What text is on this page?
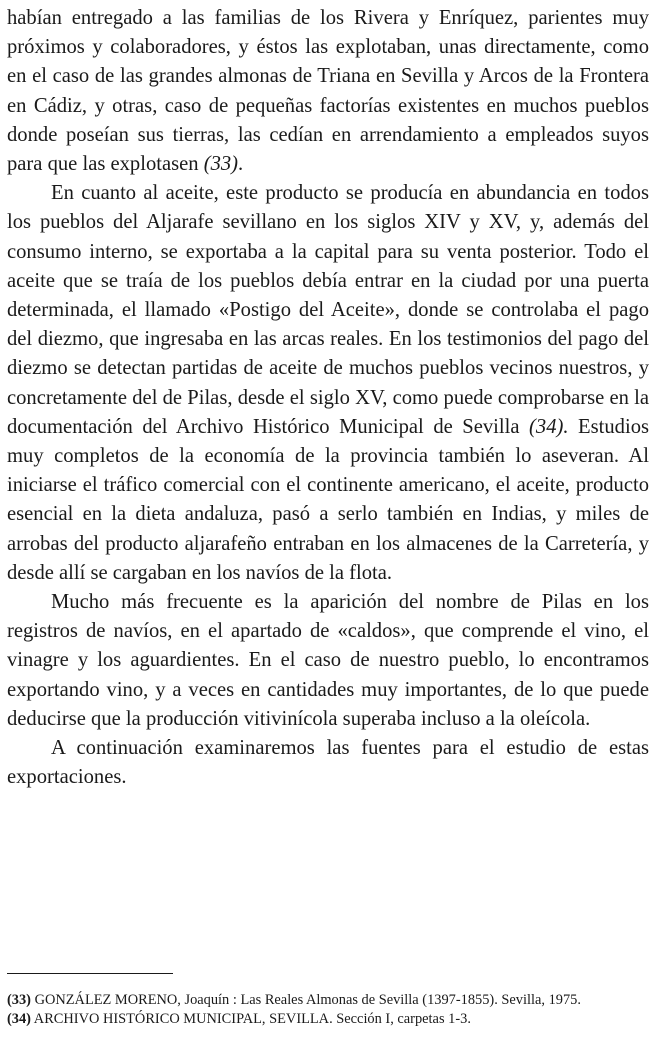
habían entregado a las familias de los Rivera y Enríquez, parientes muy próximos y colaboradores, y éstos las explotaban, unas directamente, como en el caso de las grandes almonas de Triana en Sevilla y Arcos de la Frontera en Cádiz, y otras, caso de pequeñas factorías existentes en muchos pueblos donde poseían sus tierras, las cedían en arrendamiento a empleados suyos para que las explotasen (33).

En cuanto al aceite, este producto se producía en abundancia en todos los pueblos del Aljarafe sevillano en los siglos XIV y XV, y, además del consumo interno, se exportaba a la capital para su venta posterior. Todo el aceite que se traía de los pueblos debía entrar en la ciudad por una puerta determinada, el llamado «Postigo del Aceite», donde se controlaba el pago del diezmo, que ingresaba en las arcas reales. En los testimonios del pago del diezmo se detectan partidas de aceite de muchos pueblos vecinos nuestros, y concretamente del de Pilas, desde el siglo XV, como puede comprobarse en la documentación del Archivo Histórico Municipal de Sevilla (34). Estudios muy completos de la economía de la provincia también lo aseveran. Al iniciarse el tráfico comercial con el continente americano, el aceite, producto esencial en la dieta andaluza, pasó a serlo también en Indias, y miles de arrobas del producto aljarafeño entraban en los almacenes de la Carretería, y desde allí se cargaban en los navíos de la flota.

Mucho más frecuente es la aparición del nombre de Pilas en los registros de navíos, en el apartado de «caldos», que comprende el vino, el vinagre y los aguardientes. En el caso de nuestro pueblo, lo encontramos exportando vino, y a veces en cantidades muy importantes, de lo que puede deducirse que la producción vitivinícola superaba incluso a la oleícola.

A continuación examinaremos las fuentes para el estudio de estas exportaciones.

(33) GONZÁLEZ MORENO, Joaquín : Las Reales Almonas de Sevilla (1397-1855). Sevilla, 1975.

(34) ARCHIVO HISTÓRICO MUNICIPAL, SEVILLA. Sección I, carpetas 1-3.
